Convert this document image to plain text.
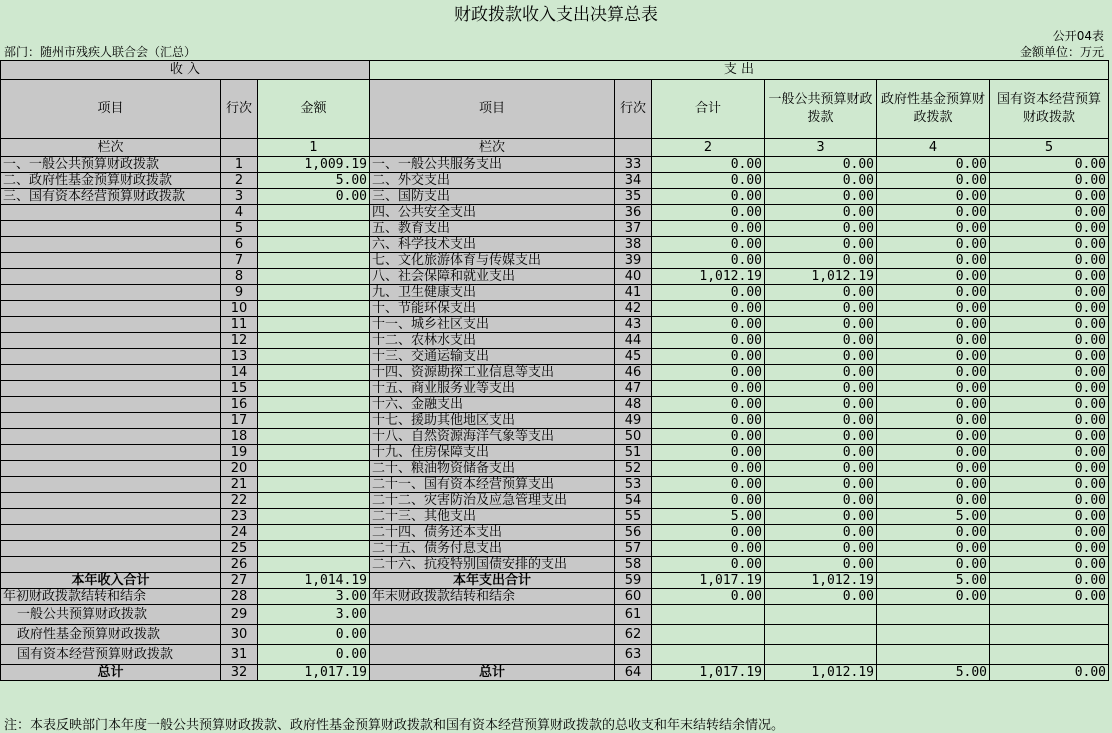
财政拨款收入支出决算总表
公开04表
部门：随州市残疾人联合会（汇总）	金额单位：万元
收 入			支 出					
项目	行次	金额	项目	行次	合计	一般公共预算财政拨款	政府性基金预算财政拨款	国有资本经营预算财政拨款
栏次		1	栏次		2	3	4	5
一、一般公共预算财政拨款	1	1,009.19	一、一般公共服务支出	33	0.00	0.00	0.00	0.00
二、政府性基金预算财政拨款	2	5.00	二、外交支出	34	0.00	0.00	0.00	0.00
三、国有资本经营预算财政拨款	3	0.00	三、国防支出	35	0.00	0.00	0.00	0.00
	4		四、公共安全支出	36	0.00	0.00	0.00	0.00
	5		五、教育支出	37	0.00	0.00	0.00	0.00
	6		六、科学技术支出	38	0.00	0.00	0.00	0.00
	7		七、文化旅游体育与传媒支出	39	0.00	0.00	0.00	0.00
	8		八、社会保障和就业支出	40	1,012.19	1,012.19	0.00	0.00
	9		九、卫生健康支出	41	0.00	0.00	0.00	0.00
	10		十、节能环保支出	42	0.00	0.00	0.00	0.00
	11		十一、城乡社区支出	43	0.00	0.00	0.00	0.00
	12		十二、农林水支出	44	0.00	0.00	0.00	0.00
	13		十三、交通运输支出	45	0.00	0.00	0.00	0.00
	14		十四、资源勘探工业信息等支出	46	0.00	0.00	0.00	0.00
	15		十五、商业服务业等支出	47	0.00	0.00	0.00	0.00
	16		十六、金融支出	48	0.00	0.00	0.00	0.00
	17		十七、援助其他地区支出	49	0.00	0.00	0.00	0.00
	18		十八、自然资源海洋气象等支出	50	0.00	0.00	0.00	0.00
	19		十九、住房保障支出	51	0.00	0.00	0.00	0.00
	20		二十、粮油物资储备支出	52	0.00	0.00	0.00	0.00
	21		二十一、国有资本经营预算支出	53	0.00	0.00	0.00	0.00
	22		二十二、灾害防治及应急管理支出	54	0.00	0.00	0.00	0.00
	23		二十三、其他支出	55	5.00	0.00	5.00	0.00
	24		二十四、债务还本支出	56	0.00	0.00	0.00	0.00
	25		二十五、债务付息支出	57	0.00	0.00	0.00	0.00
	26		二十六、抗疫特别国债安排的支出	58	0.00	0.00	0.00	0.00
本年收入合计	27	1,014.19	本年支出合计	59	1,017.19	1,012.19	5.00	0.00
年初财政拨款结转和结余	28	3.00	年末财政拨款结转和结余	60	0.00	0.00	0.00	0.00
一般公共预算财政拨款	29	3.00		61				
政府性基金预算财政拨款	30	0.00		62				
国有资本经营预算财政拨款	31	0.00		63				
总计	32	1,017.19	总计	64	1,017.19	1,012.19	5.00	0.00
注：本表反映部门本年度一般公共预算财政拨款、政府性基金预算财政拨款和国有资本经营预算财政拨款的总收支和年末结转结余情况。
